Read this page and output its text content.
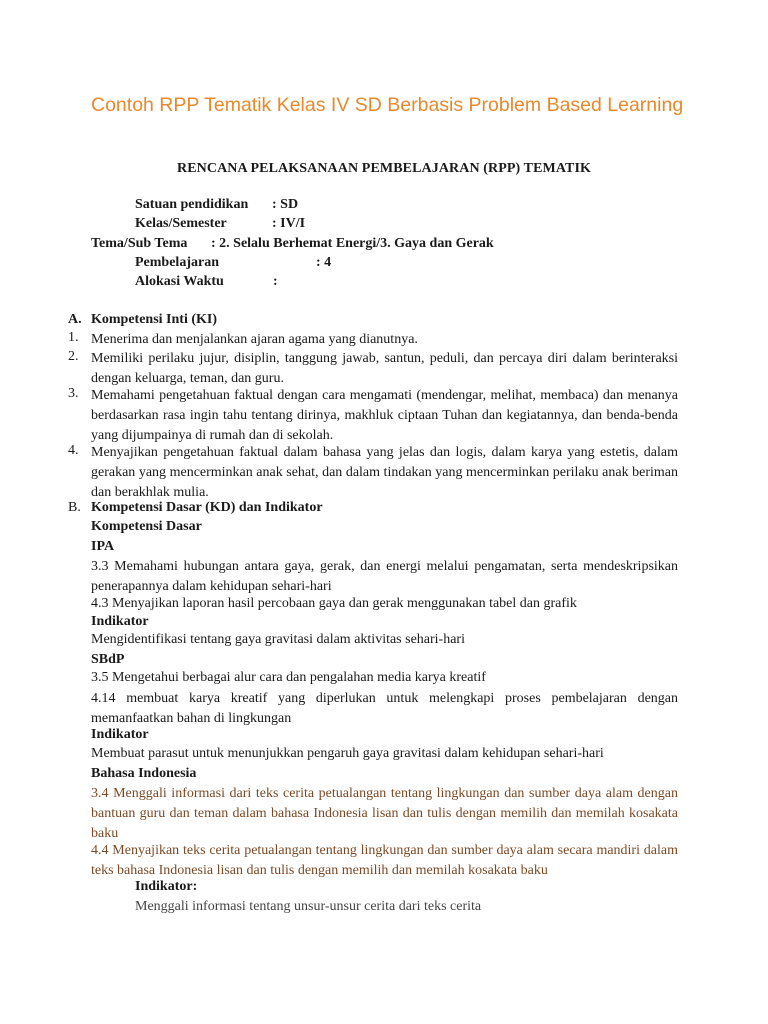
Contoh RPP Tematik Kelas IV SD Berbasis Problem Based Learning
RENCANA PELAKSANAAN PEMBELAJARAN (RPP) TEMATIK
Satuan pendidikan : SD
Kelas/Semester	: IV/I
Tema/Sub Tema : 2. Selalu Berhemat Energi/3. Gaya dan Gerak
Pembelajaran	: 4
Alokasi Waktu	:
A. Kompetensi Inti (KI)
1. Menerima dan menjalankan ajaran agama yang dianutnya.
2. Memiliki perilaku jujur, disiplin, tanggung jawab, santun, peduli, dan percaya diri dalam berinteraksi dengan keluarga, teman, dan guru.
3. Memahami pengetahuan faktual dengan cara mengamati (mendengar, melihat, membaca) dan menanya berdasarkan rasa ingin tahu tentang dirinya, makhluk ciptaan Tuhan dan kegiatannya, dan benda-benda yang dijumpainya di rumah dan di sekolah.
4. Menyajikan pengetahuan faktual dalam bahasa yang jelas dan logis, dalam karya yang estetis, dalam gerakan yang mencerminkan anak sehat, dan dalam tindakan yang mencerminkan perilaku anak beriman dan berakhlak mulia.
B. Kompetensi Dasar (KD) dan Indikator
Kompetensi Dasar
IPA
3.3 Memahami hubungan antara gaya, gerak, dan energi melalui pengamatan, serta mendeskripsikan penerapannya dalam kehidupan sehari-hari
4.3 Menyajikan laporan hasil percobaan gaya dan gerak menggunakan tabel dan grafik
Indikator
Mengidentifikasi tentang gaya gravitasi dalam aktivitas sehari-hari
SBdP
3.5 Mengetahui berbagai alur cara dan pengalahan media karya kreatif
4.14 membuat karya kreatif yang diperlukan untuk melengkapi proses pembelajaran dengan memanfaatkan bahan di lingkungan
Indikator
Membuat parasut untuk menunjukkan pengaruh gaya gravitasi dalam kehidupan sehari-hari
Bahasa Indonesia
3.4 Menggali informasi dari teks cerita petualangan tentang lingkungan dan sumber daya alam dengan bantuan guru dan teman dalam bahasa Indonesia lisan dan tulis dengan memilih dan memilah kosakata baku
4.4 Menyajikan teks cerita petualangan tentang lingkungan dan sumber daya alam secara mandiri dalam teks bahasa Indonesia lisan dan tulis dengan memilih dan memilah kosakata baku
Indikator:
Menggali informasi tentang unsur-unsur cerita dari teks cerita
